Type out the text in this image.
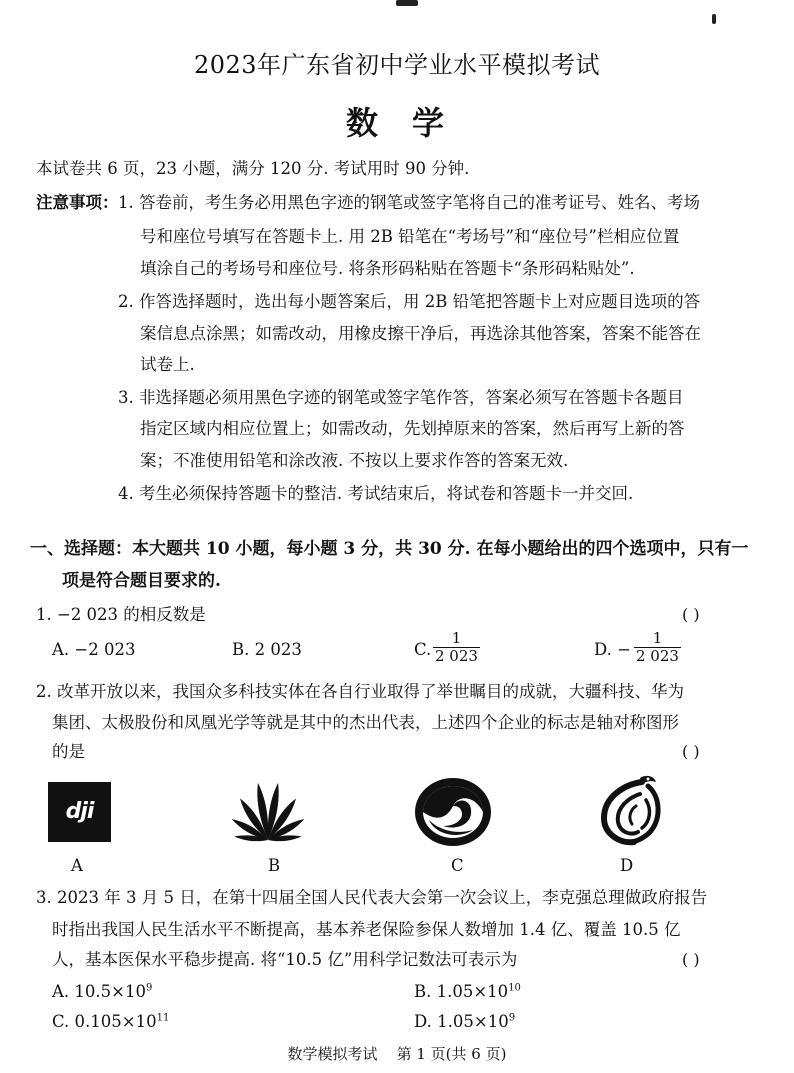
2023年广东省初中学业水平模拟考试
数学
本试卷共 6 页，23 小题，满分 120 分. 考试用时 90 分钟.
注意事项： 1. 答卷前，考生务必用黑色字迹的钢笔或签字笔将自己的准考证号、姓名、考场
号和座位号填写在答题卡上. 用 2B 铅笔在“考场号”和“座位号”栏相应位置
填涂自己的考场号和座位号. 将条形码粘贴在答题卡“条形码粘贴处”.
2. 作答选择题时，选出每小题答案后，用 2B 铅笔把答题卡上对应题目选项的答
案信息点涂黑；如需改动，用橡皮擦干净后，再选涂其他答案，答案不能答在
试卷上.
3. 非选择题必须用黑色字迹的钢笔或签字笔作答，答案必须写在答题卡各题目
指定区域内相应位置上；如需改动，先划掉原来的答案，然后再写上新的答
案；不准使用铅笔和涂改液. 不按以上要求作答的答案无效.
4. 考生必须保持答题卡的整洁. 考试结束后，将试卷和答题卡一并交回.
一、选择题：本大题共 10 小题，每小题 3 分，共 30 分. 在每小题给出的四个选项中，只有一
项是符合题目要求的.
1. −2 023 的相反数是	( )
A. −2 023	B. 2 023	C. $\frac{1}{2 023}$	D. − $\frac{1}{2 023}$
2. 改革开放以来，我国众多科技实体在各自行业取得了举世瞩目的成就，大疆科技、华为
集团、太极股份和凤凰光学等就是其中的杰出代表，上述四个企业的标志是轴对称图形
的是	( )
dji
A	B	C	D
3. 2023 年 3 月 5 日，在第十四届全国人民代表大会第一次会议上，李克强总理做政府报告
时指出我国人民生活水平不断提高，基本养老保险参保人数增加 1.4 亿、覆盖 10.5 亿
人，基本医保水平稳步提高. 将“10.5 亿”用科学记数法可表示为	( )
A. $10.5\times 10^9$	B. $1.05\times 10^{10}$
C. $0.105\times 10^{11}$	D. $1.05\times 10^9$
数学模拟考试    第 1 页(共 6 页)
